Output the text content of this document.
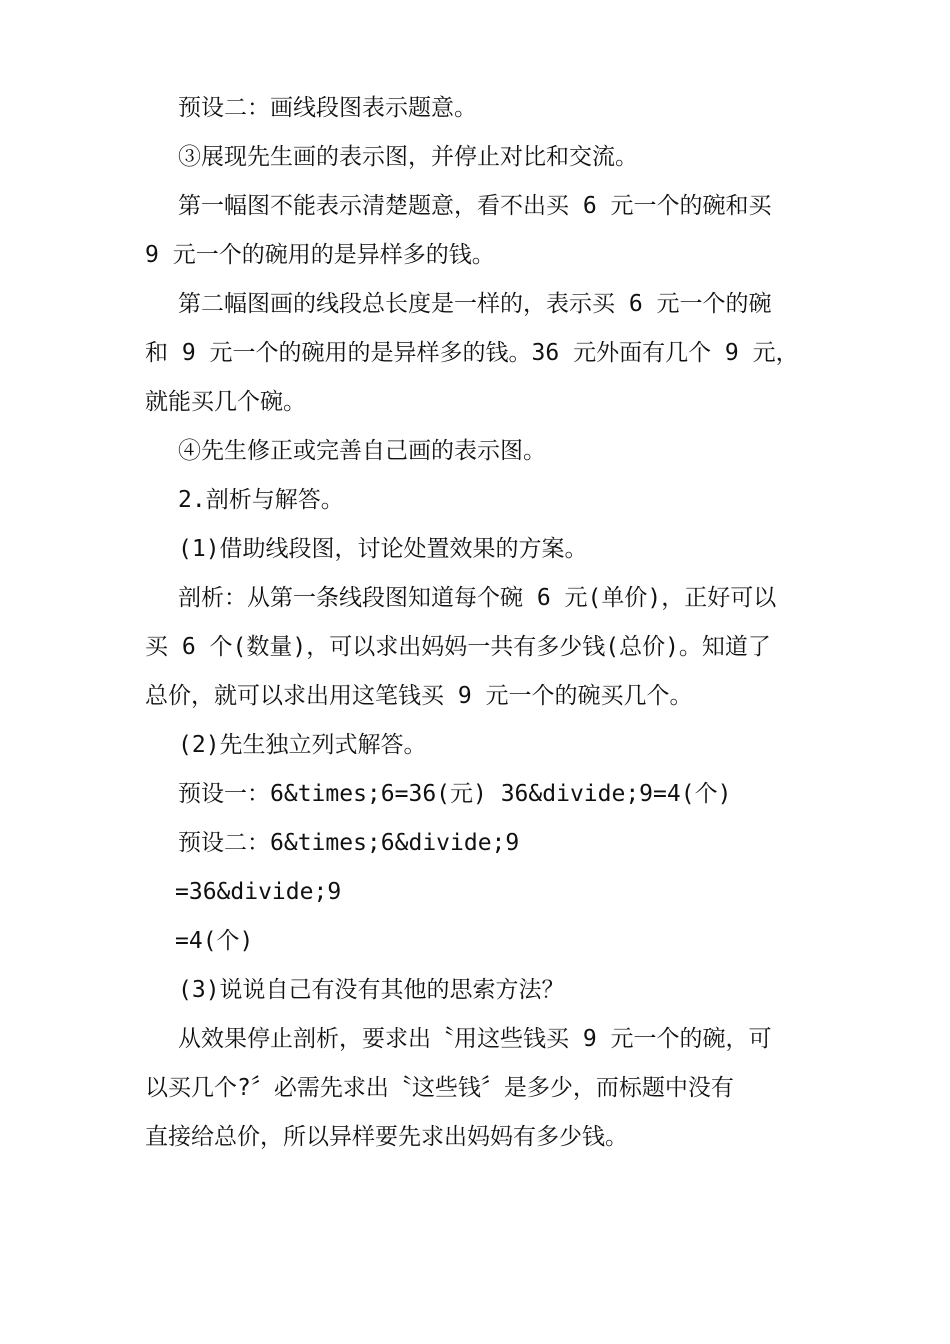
预设二：画线段图表示题意。
③展现先生画的表示图，并停止对比和交流。
第一幅图不能表示清楚题意，看不出买 6 元一个的碗和买
9 元一个的碗用的是异样多的钱。
第二幅图画的线段总长度是一样的，表示买 6 元一个的碗
和 9 元一个的碗用的是异样多的钱。36 元外面有几个 9 元，
就能买几个碗。
④先生修正或完善自己画的表示图。
2.剖析与解答。
(1)借助线段图，讨论处置效果的方案。
剖析：从第一条线段图知道每个碗 6 元(单价)，正好可以
买 6 个(数量)，可以求出妈妈一共有多少钱(总价)。知道了
总价，就可以求出用这笔钱买 9 元一个的碗买几个。
(2)先生独立列式解答。
预设一：6&times;6=36(元) 36&divide;9=4(个)
预设二：6&times;6&divide;9
=36&divide;9
=4(个)
(3)说说自己有没有其他的思索方法？
从效果停止剖析，要求出〝用这些钱买 9 元一个的碗，可
以买几个?〞必需先求出〝这些钱〞是多少，而标题中没有
直接给总价，所以异样要先求出妈妈有多少钱。
